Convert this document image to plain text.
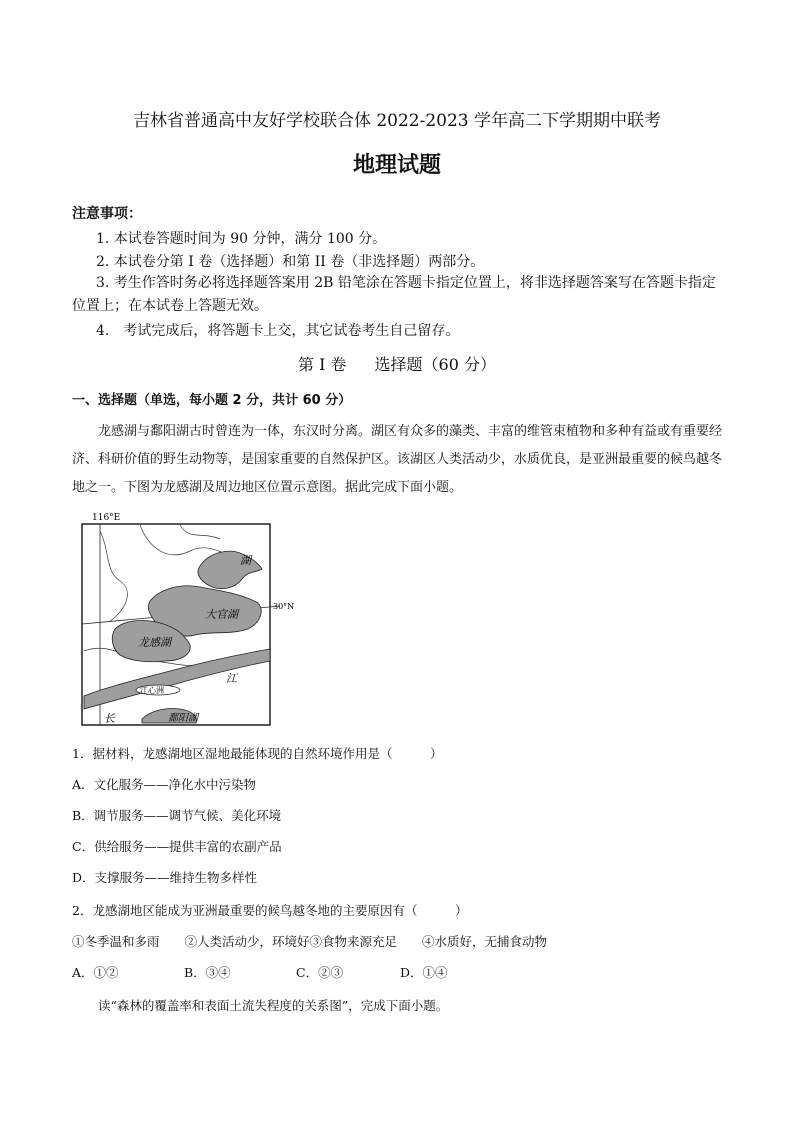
吉林省普通高中友好学校联合体 2022-2023 学年高二下学期期中联考
地理试题
注意事项：
1. 本试卷答题时间为 90 分钟，满分 100 分。
2. 本试卷分第 I 卷（选择题）和第 II 卷（非选择题）两部分。
3. 考生作答时务必将选择题答案用 2B 铅笔涂在答题卡指定位置上，将非选择题答案写在答题卡指定位置上；在本试卷上答题无效。
4.　考试完成后，将答题卡上交，其它试卷考生自己留存。
第 I 卷 选择题（60 分）
一、选择题（单选，每小题 2 分，共计 60 分）
龙感湖与鄱阳湖古时曾连为一体，东汉时分离。湖区有众多的藻类、丰富的维管束植物和多种有益或有重要经济、科研价值的野生动物等，是国家重要的自然保护区。该湖区人类活动少，水质优良，是亚洲最重要的候鸟越冬地之一。下图为龙感湖及周边地区位置示意图。据此完成下面小题。
116°E
30°N
湖
大官湖
龙感湖
江
江心洲
长	鄱阳湖
1．据材料，龙感湖地区湿地最能体现的自然环境作用是（　　　）
A．文化服务——净化水中污染物
B．调节服务——调节气候、美化环境
C．供给服务——提供丰富的农副产品
D．支撑服务——维持生物多样性
2．龙感湖地区能成为亚洲最重要的候鸟越冬地的主要原因有（　　　）
①冬季温和多雨　　②人类活动少，环境好③食物来源充足　　④水质好，无捕食动物
A．①②	B．③④	C．②③	D．①④
读“森林的覆盖率和表面土流失程度的关系图”，完成下面小题。
